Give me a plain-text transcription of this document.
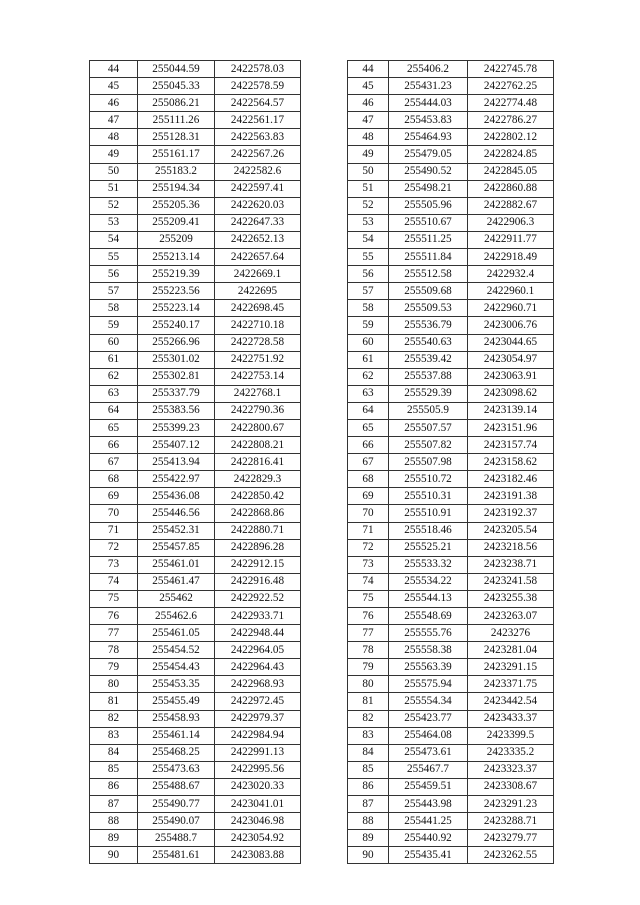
44	255044.59	2422578.03
45	255045.33	2422578.59
46	255086.21	2422564.57
47	255111.26	2422561.17
48	255128.31	2422563.83
49	255161.17	2422567.26
50	255183.2	2422582.6
51	255194.34	2422597.41
52	255205.36	2422620.03
53	255209.41	2422647.33
54	255209	2422652.13
55	255213.14	2422657.64
56	255219.39	2422669.1
57	255223.56	2422695
58	255223.14	2422698.45
59	255240.17	2422710.18
60	255266.96	2422728.58
61	255301.02	2422751.92
62	255302.81	2422753.14
63	255337.79	2422768.1
64	255383.56	2422790.36
65	255399.23	2422800.67
66	255407.12	2422808.21
67	255413.94	2422816.41
68	255422.97	2422829.3
69	255436.08	2422850.42
70	255446.56	2422868.86
71	255452.31	2422880.71
72	255457.85	2422896.28
73	255461.01	2422912.15
74	255461.47	2422916.48
75	255462	2422922.52
76	255462.6	2422933.71
77	255461.05	2422948.44
78	255454.52	2422964.05
79	255454.43	2422964.43
80	255453.35	2422968.93
81	255455.49	2422972.45
82	255458.93	2422979.37
83	255461.14	2422984.94
84	255468.25	2422991.13
85	255473.63	2422995.56
86	255488.67	2423020.33
87	255490.77	2423041.01
88	255490.07	2423046.98
89	255488.7	2423054.92
90	255481.61	2423083.88
44	255406.2	2422745.78
45	255431.23	2422762.25
46	255444.03	2422774.48
47	255453.83	2422786.27
48	255464.93	2422802.12
49	255479.05	2422824.85
50	255490.52	2422845.05
51	255498.21	2422860.88
52	255505.96	2422882.67
53	255510.67	2422906.3
54	255511.25	2422911.77
55	255511.84	2422918.49
56	255512.58	2422932.4
57	255509.68	2422960.1
58	255509.53	2422960.71
59	255536.79	2423006.76
60	255540.63	2423044.65
61	255539.42	2423054.97
62	255537.88	2423063.91
63	255529.39	2423098.62
64	255505.9	2423139.14
65	255507.57	2423151.96
66	255507.82	2423157.74
67	255507.98	2423158.62
68	255510.72	2423182.46
69	255510.31	2423191.38
70	255510.91	2423192.37
71	255518.46	2423205.54
72	255525.21	2423218.56
73	255533.32	2423238.71
74	255534.22	2423241.58
75	255544.13	2423255.38
76	255548.69	2423263.07
77	255555.76	2423276
78	255558.38	2423281.04
79	255563.39	2423291.15
80	255575.94	2423371.75
81	255554.34	2423442.54
82	255423.77	2423433.37
83	255464.08	2423399.5
84	255473.61	2423335.2
85	255467.7	2423323.37
86	255459.51	2423308.67
87	255443.98	2423291.23
88	255441.25	2423288.71
89	255440.92	2423279.77
90	255435.41	2423262.55
